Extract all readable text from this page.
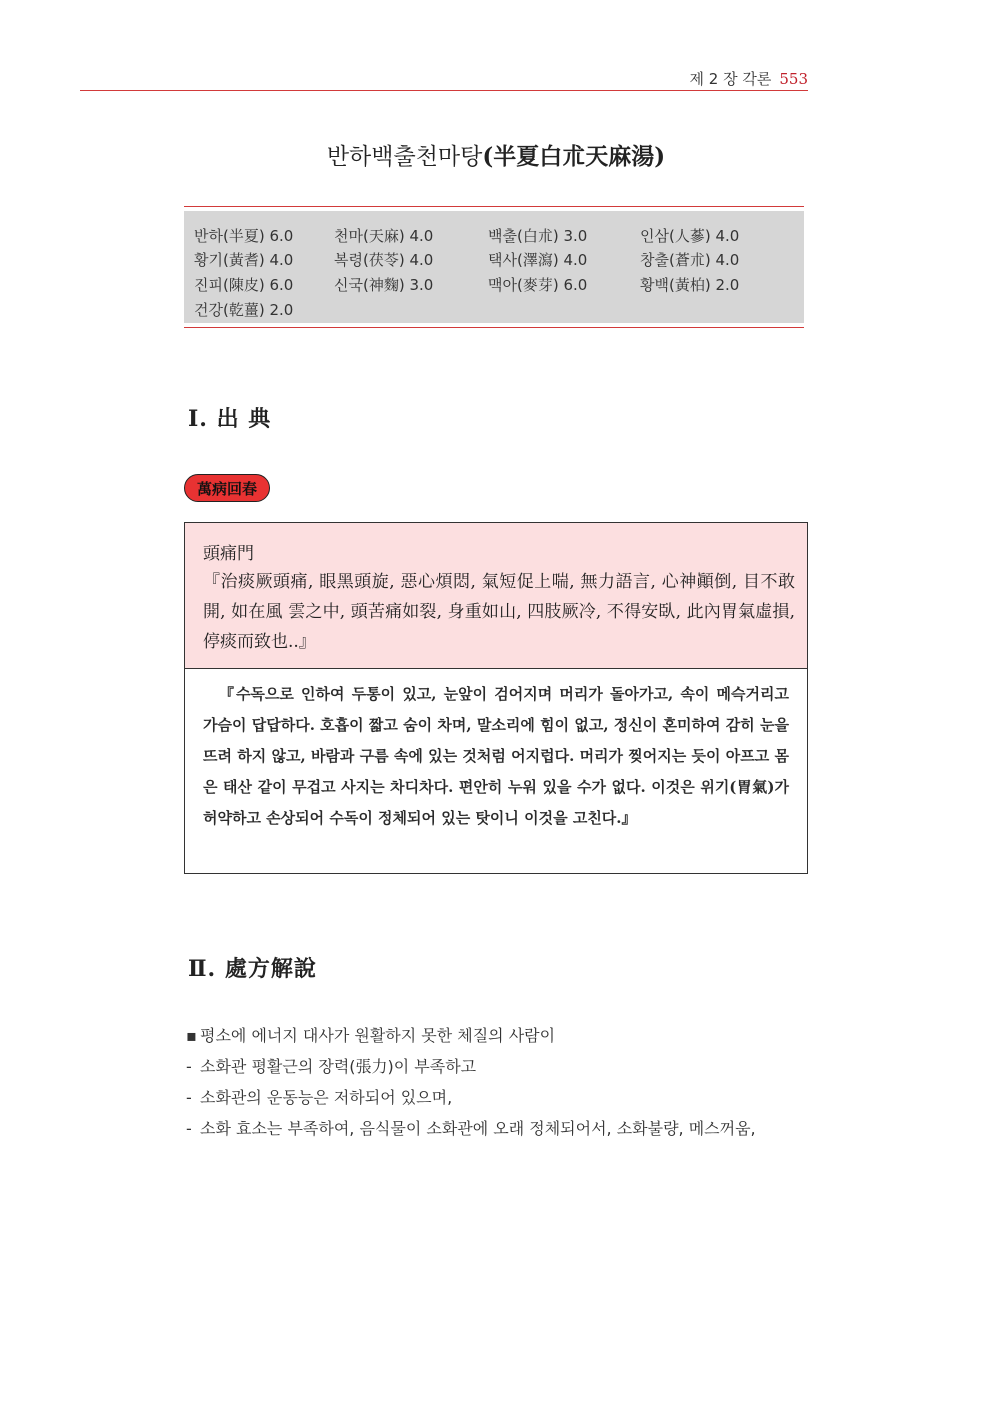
제 2 장 각론 553
반하백출천마탕(半夏白朮天麻湯)
반하(半夏) 6.0	천마(天麻) 4.0	백출(白朮) 3.0	인삼(人蔘) 4.0
황기(黃耆) 4.0	복령(茯苓) 4.0	택사(澤瀉) 4.0	창출(蒼朮) 4.0
진피(陳皮) 6.0	신국(神麴) 3.0	맥아(麥芽) 6.0	황백(黃柏) 2.0
건강(乾薑) 2.0
Ⅰ. 出 典
萬病回春
頭痛門
『治痰厥頭痛, 眼黑頭旋, 惡心煩悶, 氣短促上喘, 無力語言, 心神顚倒, 目不敢開, 如在風 雲之中, 頭苦痛如裂, 身重如山, 四肢厥冷, 不得安臥, 此內胃氣虛損, 停痰而致也..』
『수독으로 인하여 두통이 있고, 눈앞이 검어지며 머리가 돌아가고, 속이 메슥거리고 가슴이 답답하다. 호흡이 짧고 숨이 차며, 말소리에 힘이 없고, 정신이 혼미하여 감히 눈을 뜨려 하지 않고, 바람과 구름 속에 있는 것처럼 어지럽다. 머리가 찢어지는 듯이 아프고 몸은 태산 같이 무겁고 사지는 차디차다. 편안히 누워 있을 수가 없다. 이것은 위기(胃氣)가 허약하고 손상되어 수독이 정체되어 있는 탓이니 이것을 고친다.』
Ⅱ. 處方解說
▪ 평소에 에너지 대사가 원활하지 못한 체질의 사람이
- 소화관 평활근의 장력(張力)이 부족하고
- 소화관의 운동능은 저하되어 있으며,
- 소화 효소는 부족하여, 음식물이 소화관에 오래 정체되어서, 소화불량, 메스꺼움,
